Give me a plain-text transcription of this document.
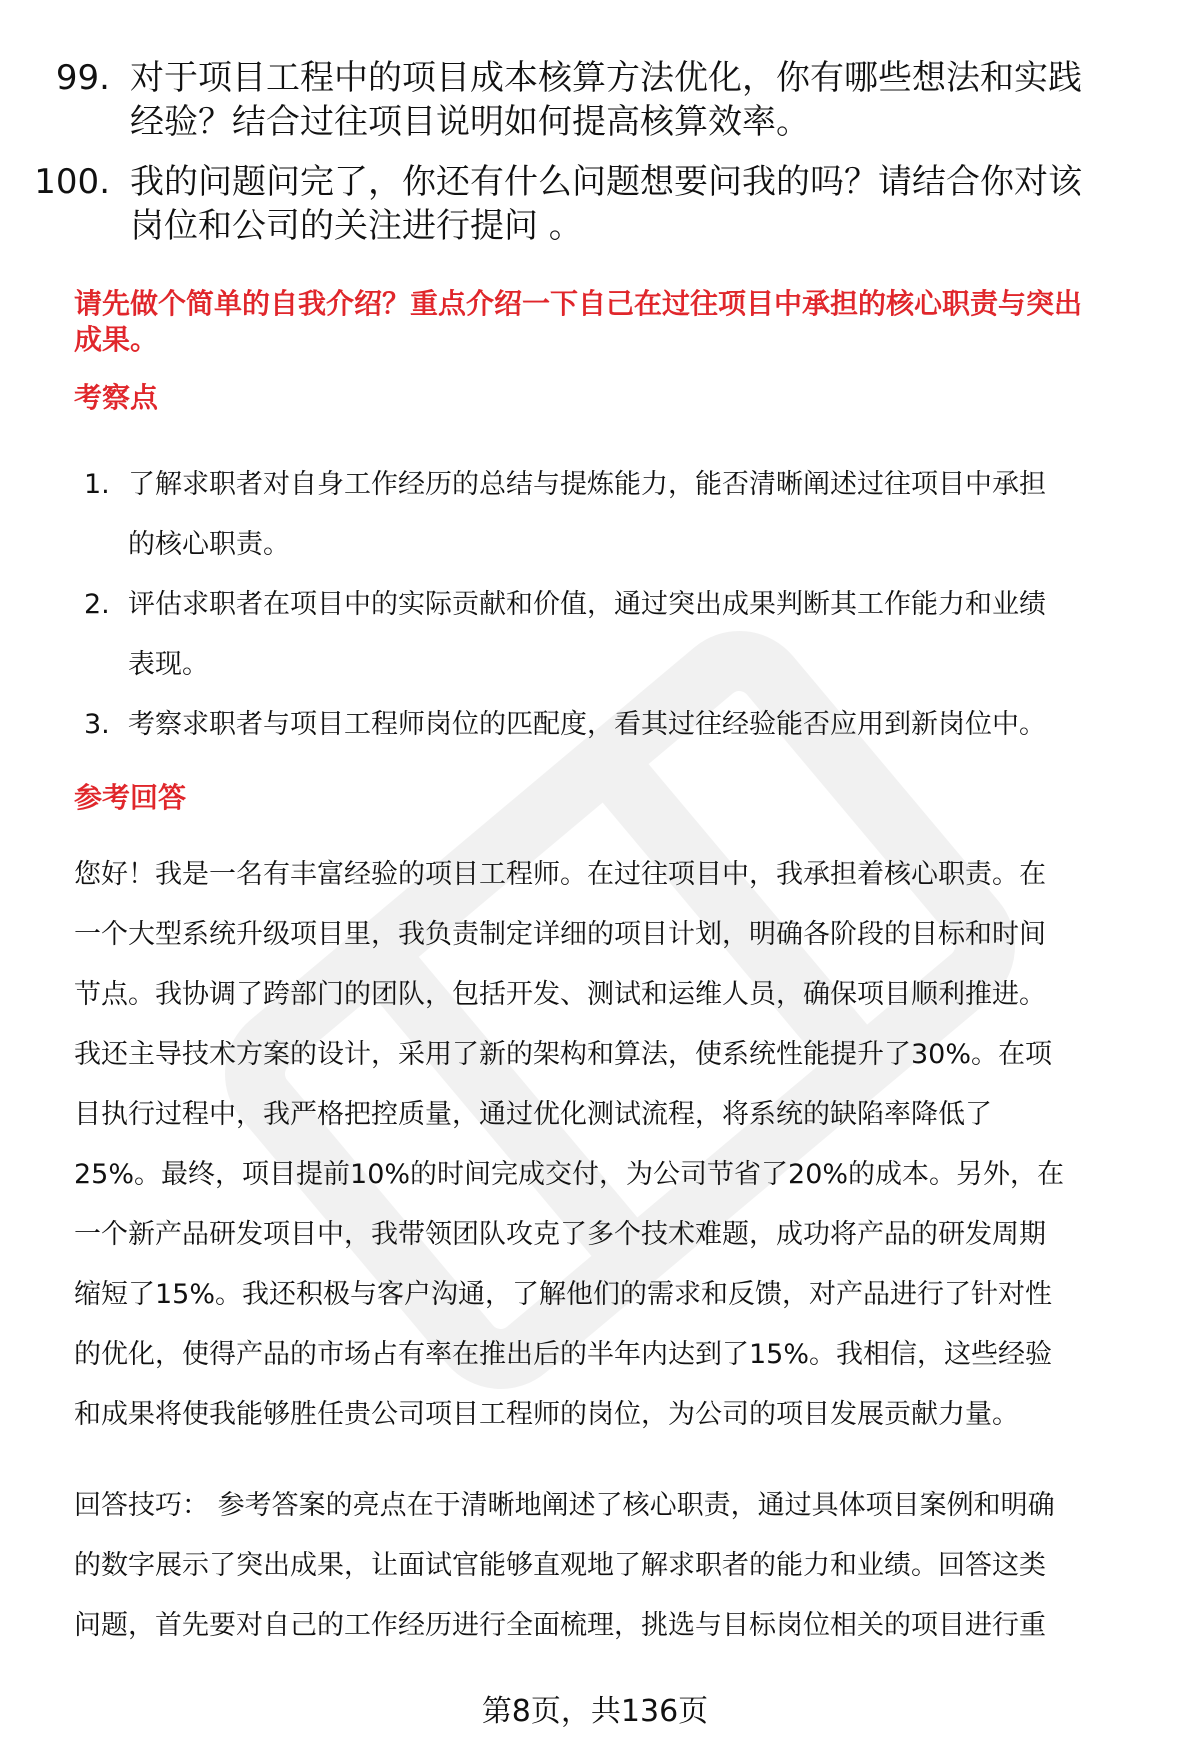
99. 对于项目工程中的项目成本核算方法优化，你有哪些想法和实践
经验？结合过往项目说明如何提高核算效率。
100. 我的问题问完了，你还有什么问题想要问我的吗？请结合你对该
岗位和公司的关注进行提问 。
请先做个简单的自我介绍？重点介绍一下自己在过往项目中承担的核心职责与突出
成果。
考察点
1. 了解求职者对自身工作经历的总结与提炼能力，能否清晰阐述过往项目中承担
的核心职责。
2. 评估求职者在项目中的实际贡献和价值，通过突出成果判断其工作能力和业绩
表现。
3. 考察求职者与项目工程师岗位的匹配度，看其过往经验能否应用到新岗位中。
参考回答
您好！我是一名有丰富经验的项目工程师。在过往项目中，我承担着核心职责。在
一个大型系统升级项目里，我负责制定详细的项目计划，明确各阶段的目标和时间
节点。我协调了跨部门的团队，包括开发、测试和运维人员，确保项目顺利推进。
我还主导技术方案的设计，采用了新的架构和算法，使系统性能提升了30%。在项
目执行过程中，我严格把控质量，通过优化测试流程，将系统的缺陷率降低了
25%。最终，项目提前10%的时间完成交付，为公司节省了20%的成本。另外，在
一个新产品研发项目中，我带领团队攻克了多个技术难题，成功将产品的研发周期
缩短了15%。我还积极与客户沟通，了解他们的需求和反馈，对产品进行了针对性
的优化，使得产品的市场占有率在推出后的半年内达到了15%。我相信，这些经验
和成果将使我能够胜任贵公司项目工程师的岗位，为公司的项目发展贡献力量。
回答技巧： 参考答案的亮点在于清晰地阐述了核心职责，通过具体项目案例和明确
的数字展示了突出成果，让面试官能够直观地了解求职者的能力和业绩。回答这类
问题，首先要对自己的工作经历进行全面梳理，挑选与目标岗位相关的项目进行重
第8页，共136页
